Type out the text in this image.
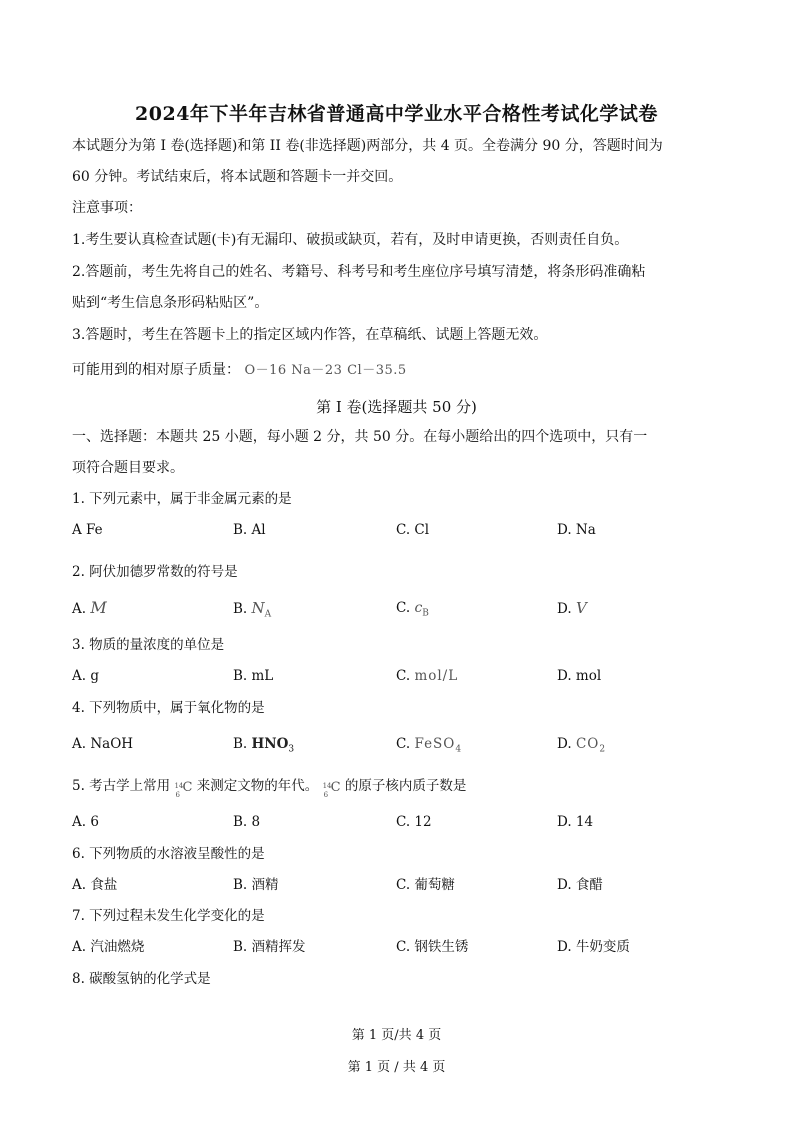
2024年下半年吉林省普通高中学业水平合格性考试化学试卷
本试题分为第 I 卷(选择题)和第 II 卷(非选择题)两部分，共 4 页。全卷满分 90 分，答题时间为
60 分钟。考试结束后，将本试题和答题卡一并交回。
注意事项：
1.考生要认真检查试题(卡)有无漏印、破损或缺页，若有，及时申请更换，否则责任自负。
2.答题前，考生先将自己的姓名、考籍号、科考号和考生座位序号填写清楚，将条形码准确粘
贴到“考生信息条形码粘贴区”。
3.答题时，考生在答题卡上的指定区域内作答，在草稿纸、试题上答题无效。
可能用到的相对原子质量： O－16 Na－23 Cl－35.5
第 I 卷(选择题共 50 分)
一、选择题：本题共 25 小题，每小题 2 分，共 50 分。在每小题给出的四个选项中，只有一
项符合题目要求。
1. 下列元素中，属于非金属元素的是
A Fe	B. Al	C. Cl	D. Na
2. 阿伏加德罗常数的符号是
A. M	B. $N_A$	C. $c_B$	D. V
3. 物质的量浓度的单位是
A. g	B. mL	C. mol/L	D. mol
4. 下列物质中，属于氧化物的是
A. NaOH	B. $HNO_3$	C. FeSO$_4$	D. $CO_2$
5. 考古学上常用 14
6 C 来测定文物的年代。 14
6 C 的原子核内质子数是
A. 6	B. 8	C. 12	D. 14
6. 下列物质的水溶液呈酸性的是
A. 食盐	B. 酒精	C. 葡萄糖	D. 食醋
7. 下列过程未发生化学变化的是
A. 汽油燃烧	B. 酒精挥发	C. 钢铁生锈	D. 牛奶变质
8. 碳酸氢钠的化学式是
第 1 页/共 4 页
第 1 页 / 共 4 页
